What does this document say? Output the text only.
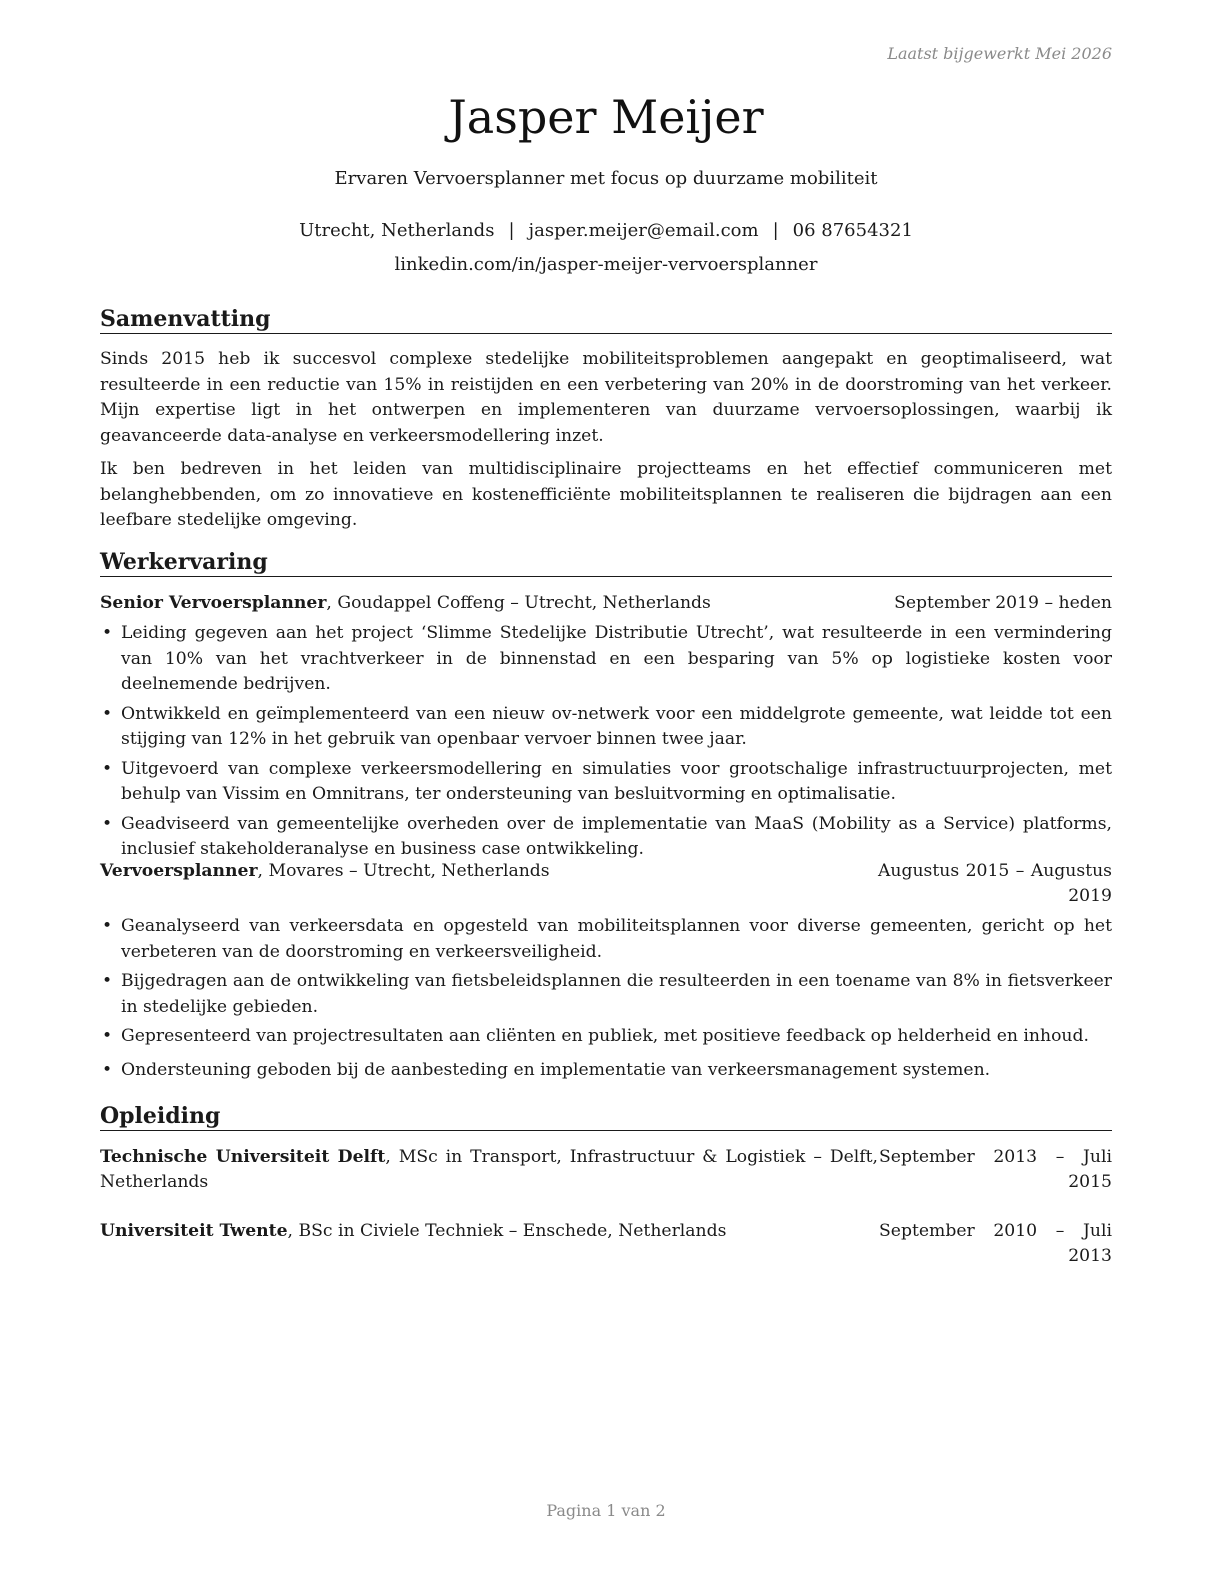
Laatst bijgewerkt Mei 2026
Jasper Meijer
Ervaren Vervoersplanner met focus op duurzame mobiliteit
Utrecht, Netherlands | jasper.meijer@email.com | 06 87654321
linkedin.com/in/jasper-meijer-vervoersplanner
Samenvatting
Sinds 2015 heb ik succesvol complexe stedelijke mobiliteitsproblemen aangepakt en geoptimaliseerd, wat resulteerde in een reductie van 15% in reistijden en een verbetering van 20% in de doorstroming van het verkeer. Mijn expertise ligt in het ontwerpen en implementeren van duurzame vervoersoplossingen, waarbij ik geavanceerde data-analyse en verkeersmodellering inzet.
Ik ben bedreven in het leiden van multidisciplinaire projectteams en het effectief communiceren met belanghebbenden, om zo innovatieve en kostenefficiënte mobiliteitsplannen te realiseren die bijdragen aan een leefbare stedelijke omgeving.
Werkervaring
Senior Vervoersplanner, Goudappel Coffeng – Utrecht, Netherlands	September 2019 – heden
• Leiding gegeven aan het project ‘Slimme Stedelijke Distributie Utrecht’, wat resulteerde in een vermindering van 10% van het vrachtverkeer in de binnenstad en een besparing van 5% op logistieke kosten voor deelnemende bedrijven.
• Ontwikkeld en geïmplementeerd van een nieuw ov-netwerk voor een middelgrote gemeente, wat leidde tot een stijging van 12% in het gebruik van openbaar vervoer binnen twee jaar.
• Uitgevoerd van complexe verkeersmodellering en simulaties voor grootschalige infrastructuurprojecten, met behulp van Vissim en Omnitrans, ter ondersteuning van besluitvorming en optimalisatie.
• Geadviseerd van gemeentelijke overheden over de implementatie van MaaS (Mobility as a Service) platforms, inclusief stakeholderanalyse en business case ontwikkeling.
Vervoersplanner, Movares – Utrecht, Netherlands	Augustus 2015 – Augustus 2019
• Geanalyseerd van verkeersdata en opgesteld van mobiliteitsplannen voor diverse gemeenten, gericht op het verbeteren van de doorstroming en verkeersveiligheid.
• Bijgedragen aan de ontwikkeling van fietsbeleidsplannen die resulteerden in een toename van 8% in fietsverkeer in stedelijke gebieden.
• Gepresenteerd van projectresultaten aan cliënten en publiek, met positieve feedback op helderheid en inhoud.
• Ondersteuning geboden bij de aanbesteding en implementatie van verkeersmanagement systemen.
Opleiding
Technische Universiteit Delft, MSc in Transport, Infrastructuur & Logistiek – Delft, Netherlands
September 2013 – Juli 2015
Universiteit Twente, BSc in Civiele Techniek – Enschede, Netherlands	September 2010 – Juli 2013
Pagina 1 van 2
